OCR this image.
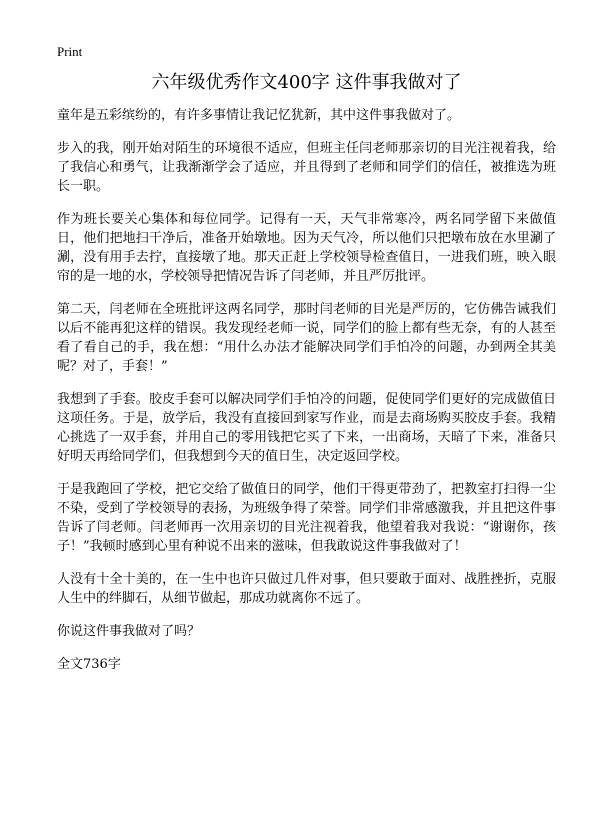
Print
六年级优秀作文400字 这件事我做对了

童年是五彩缤纷的，有许多事情让我记忆犹新，其中这件事我做对了。

步入的我，刚开始对陌生的环境很不适应，但班主任闫老师那亲切的目光注视着我，给了我信心和勇气，让我渐渐学会了适应，并且得到了老师和同学们的信任，被推选为班长一职。

作为班长要关心集体和每位同学。记得有一天，天气非常寒冷，两名同学留下来做值日，他们把地扫干净后，准备开始墩地。因为天气冷，所以他们只把墩布放在水里涮了涮，没有用手去拧，直接墩了地。那天正赶上学校领导检查值日，一进我们班，映入眼帘的是一地的水，学校领导把情况告诉了闫老师，并且严厉批评。

第二天，闫老师在全班批评这两名同学，那时闫老师的目光是严厉的，它仿佛告诫我们以后不能再犯这样的错误。我发现经老师一说，同学们的脸上都有些无奈，有的人甚至看了看自己的手，我在想：“用什么办法才能解决同学们手怕冷的问题，办到两全其美呢？对了，手套！”

我想到了手套。胶皮手套可以解决同学们手怕冷的问题，促使同学们更好的完成做值日这项任务。于是，放学后，我没有直接回到家写作业，而是去商场购买胶皮手套。我精心挑选了一双手套，并用自己的零用钱把它买了下来，一出商场，天暗了下来，准备只好明天再给同学们，但我想到今天的值日生，决定返回学校。

于是我跑回了学校，把它交给了做值日的同学，他们干得更带劲了，把教室打扫得一尘不染，受到了学校领导的表扬，为班级争得了荣誉。同学们非常感激我，并且把这件事告诉了闫老师。闫老师再一次用亲切的目光注视着我，他望着我对我说：“谢谢你，孩子！”我顿时感到心里有种说不出来的滋味，但我敢说这件事我做对了！

人没有十全十美的，在一生中也许只做过几件对事，但只要敢于面对、战胜挫折，克服人生中的绊脚石，从细节做起，那成功就离你不远了。

你说这件事我做对了吗？

全文736字
